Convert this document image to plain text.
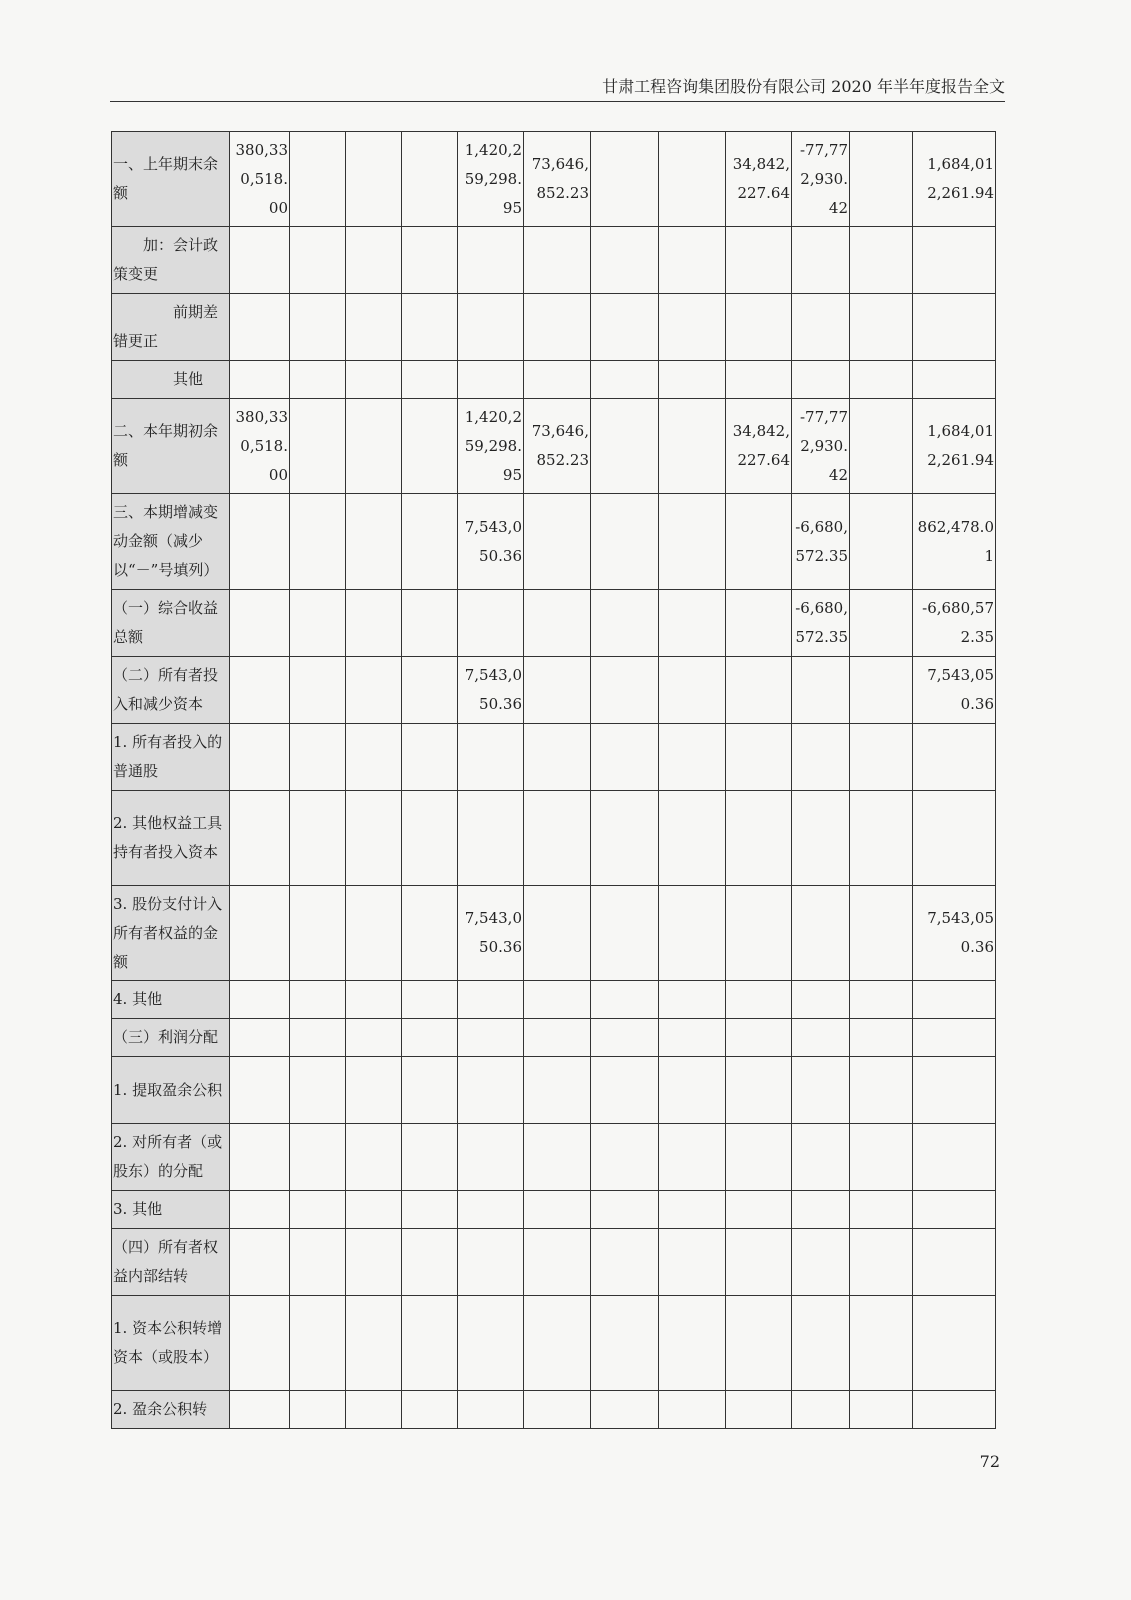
甘肃工程咨询集团股份有限公司 2020 年半年度报告全文
一、上年期末余额	380,330,518.00				1,420,259,298.95	73,646,852.23			34,842,227.64	-77,772,930.42		1,684,012,261.94
加：会计政策变更												
前期差错更正												
其他												
二、本年期初余额	380,330,518.00				1,420,259,298.95	73,646,852.23			34,842,227.64	-77,772,930.42		1,684,012,261.94
三、本期增减变动金额（减少以“－”号填列）					7,543,050.36					-6,680,572.35		862,478.01
（一）综合收益总额										-6,680,572.35		-6,680,572.35
（二）所有者投入和减少资本					7,543,050.36							7,543,050.36
1. 所有者投入的普通股												
2. 其他权益工具持有者投入资本												
3. 股份支付计入所有者权益的金额					7,543,050.36							7,543,050.36
4. 其他												
（三）利润分配												
1. 提取盈余公积												
2. 对所有者（或股东）的分配												
3. 其他												
（四）所有者权益内部结转												
1. 资本公积转增资本（或股本）												
2. 盈余公积转												
72
